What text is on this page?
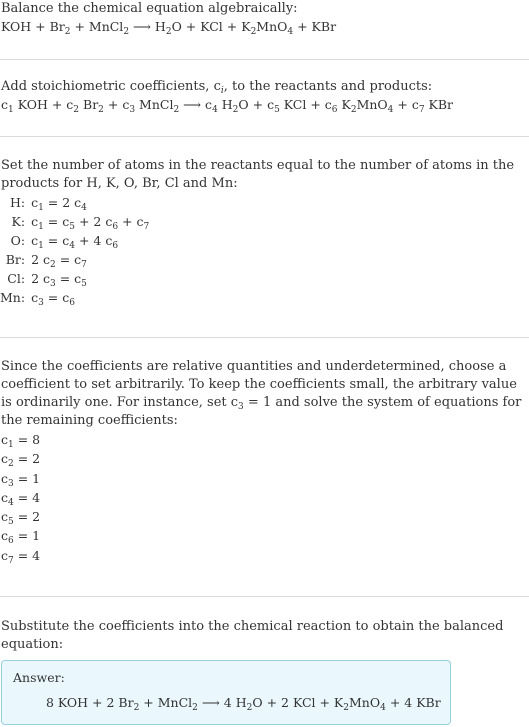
Balance the chemical equation algebraically:

KOH + $Br_2$ + MnCl$_2$ ⟶ $H_2O$ + KCl + $K_2MnO_4$ + KBr

Add stoichiometric coefficients, $c_i$, to the reactants and products:

$c_1$ KOH + $c_2$ $Br_2 + c_3$ MnCl$_2$ ⟶ $c_4$ $H_2O + c_5$ KCl + $c_6$ $K_2MnO_4 + c_7$ KBr

Set the number of atoms in the reactants equal to the number of atoms in the products for H, K, O, Br, Cl and Mn:

H:	$c_1 = 2$ $c_4$
K:	$c_1 = c_5 + 2$ $c_6 + c_7$
O:	$c_1 = c_4 + 4$ $c_6$
Br:	2 $c_2 = c_7$
Cl:	2 $c_3 = c_5$
Mn:	$c_3 = c_6$

Since the coefficients are relative quantities and underdetermined, choose a coefficient to set arbitrarily. To keep the coefficients small, the arbitrary value is ordinarily one. For instance, set $c_3 = 1$ and solve the system of equations for the remaining coefficients:

$c_1 = 8$
$c_2 = 2$
$c_3 = 1$
$c_4 = 4$
$c_5 = 2$
$c_6 = 1$
$c_7 = 4$

Substitute the coefficients into the chemical reaction to obtain the balanced equation:

Answer:
8 KOH + 2 $Br_2$ + MnCl$_2$ ⟶ 4 $H_2O + 2$ KCl + $K_2MnO_4 + 4$ KBr
